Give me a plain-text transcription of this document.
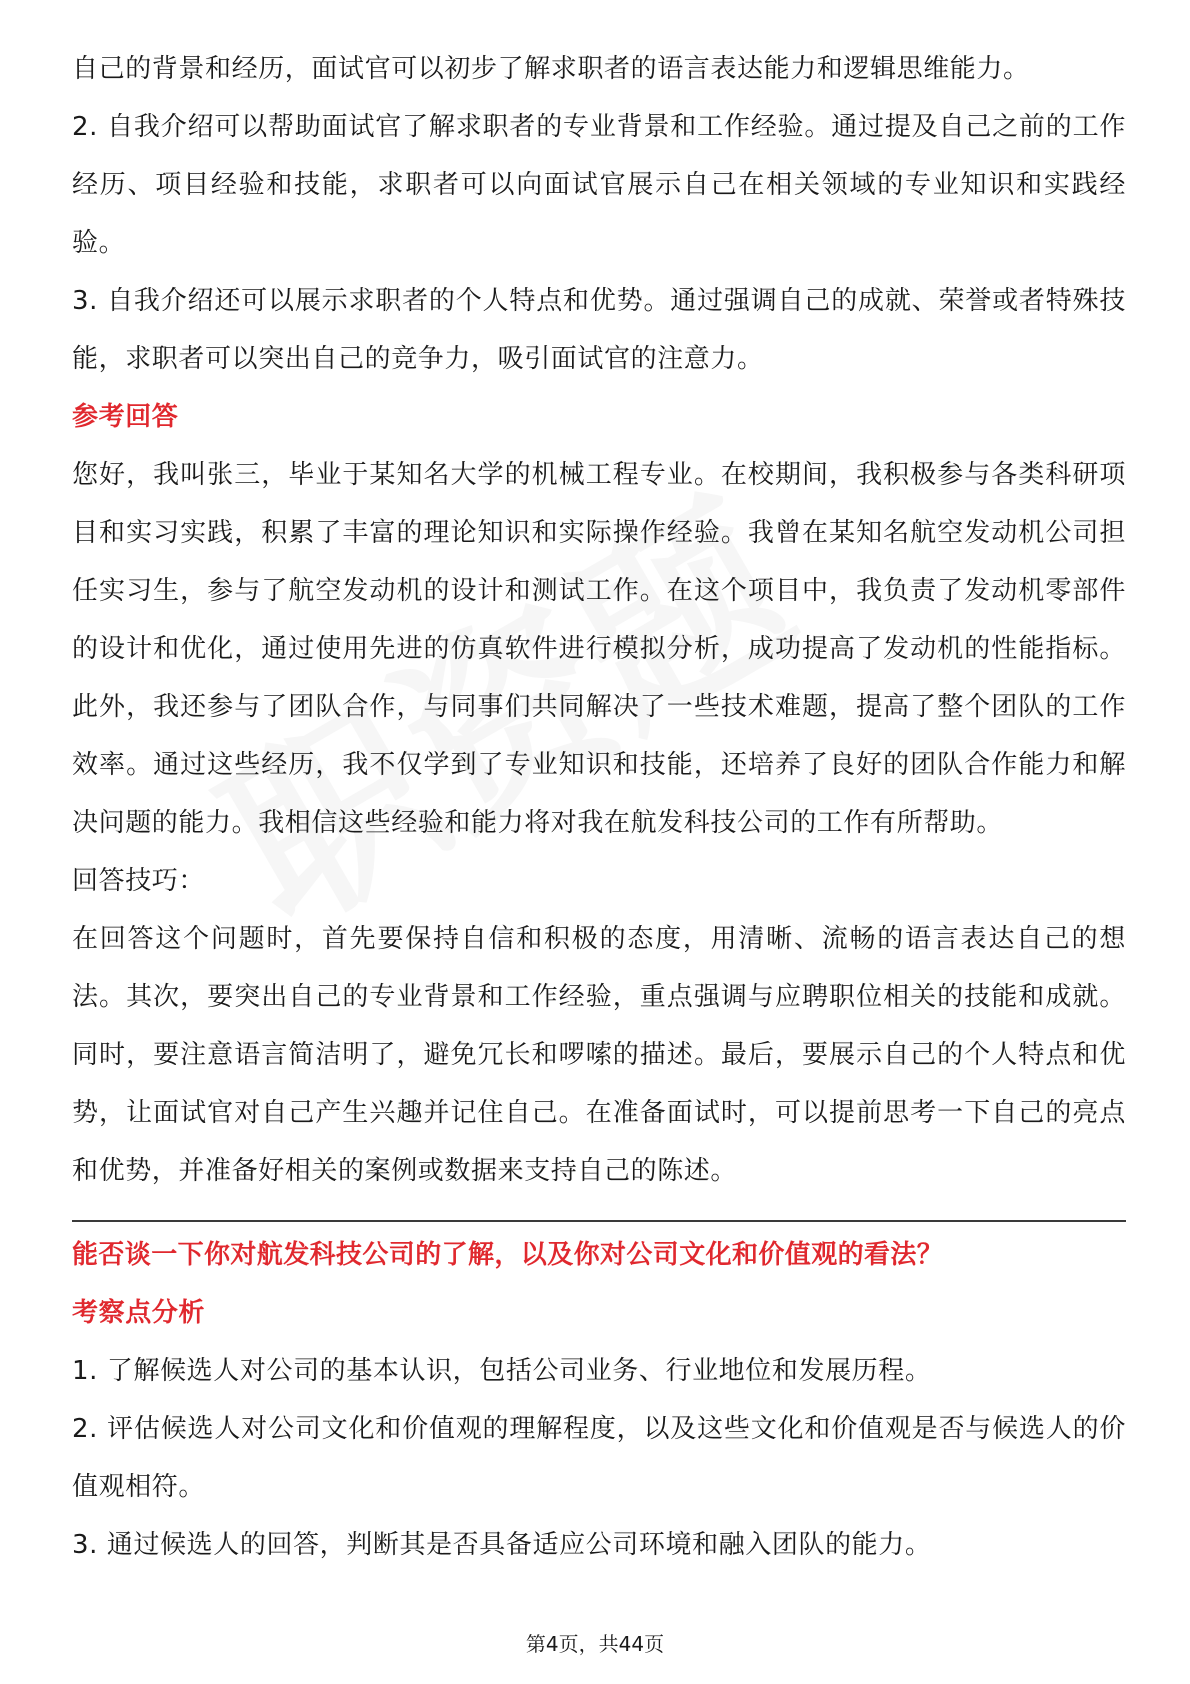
自己的背景和经历，面试官可以初步了解求职者的语言表达能力和逻辑思维能力。

2. 自我介绍可以帮助面试官了解求职者的专业背景和工作经验。通过提及自己之前的工作经历、项目经验和技能，求职者可以向面试官展示自己在相关领域的专业知识和实践经验。

3. 自我介绍还可以展示求职者的个人特点和优势。通过强调自己的成就、荣誉或者特殊技能，求职者可以突出自己的竞争力，吸引面试官的注意力。

参考回答

您好，我叫张三，毕业于某知名大学的机械工程专业。在校期间，我积极参与各类科研项目和实习实践，积累了丰富的理论知识和实际操作经验。我曾在某知名航空发动机公司担任实习生，参与了航空发动机的设计和测试工作。在这个项目中，我负责了发动机零部件的设计和优化，通过使用先进的仿真软件进行模拟分析，成功提高了发动机的性能指标。此外，我还参与了团队合作，与同事们共同解决了一些技术难题，提高了整个团队的工作效率。通过这些经历，我不仅学到了专业知识和技能，还培养了良好的团队合作能力和解决问题的能力。我相信这些经验和能力将对我在航发科技公司的工作有所帮助。

回答技巧：

在回答这个问题时，首先要保持自信和积极的态度，用清晰、流畅的语言表达自己的想法。其次，要突出自己的专业背景和工作经验，重点强调与应聘职位相关的技能和成就。同时，要注意语言简洁明了，避免冗长和啰嗦的描述。最后，要展示自己的个人特点和优势，让面试官对自己产生兴趣并记住自己。在准备面试时，可以提前思考一下自己的亮点和优势，并准备好相关的案例或数据来支持自己的陈述。

能否谈一下你对航发科技公司的了解，以及你对公司文化和价值观的看法？

考察点分析

1. 了解候选人对公司的基本认识，包括公司业务、行业地位和发展历程。

2. 评估候选人对公司文化和价值观的理解程度，以及这些文化和价值观是否与候选人的价值观相符。

3. 通过候选人的回答，判断其是否具备适应公司环境和融入团队的能力。

第4页，共44页
